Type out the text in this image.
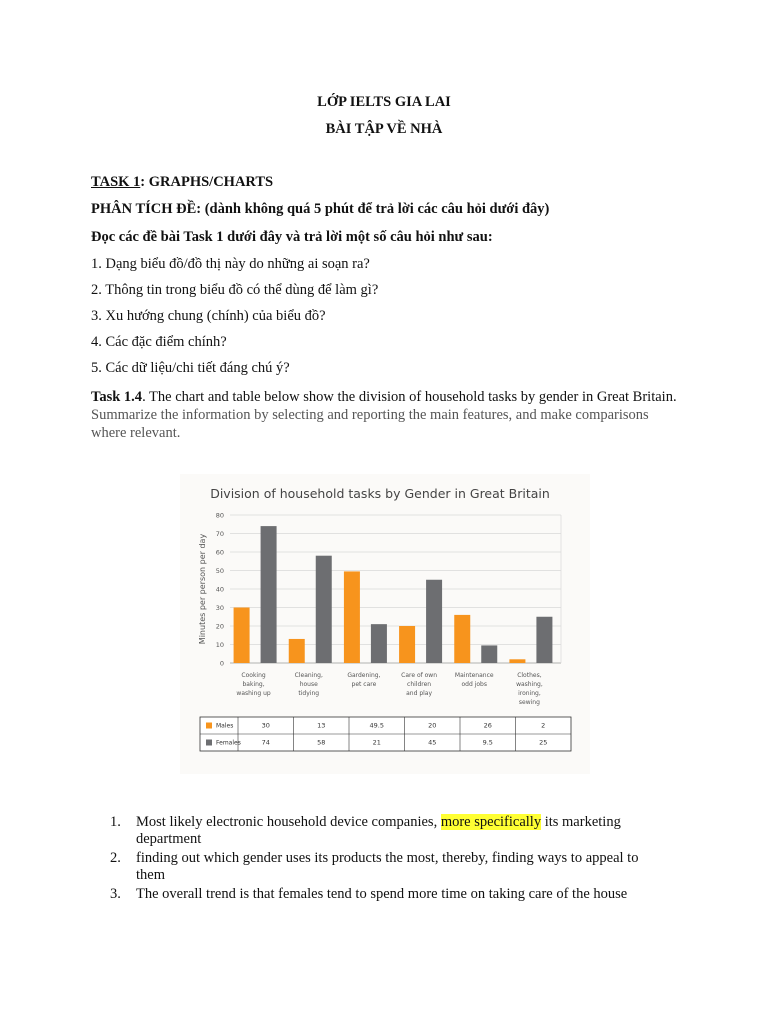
LỚP IELTS GIA LAI
BÀI TẬP VỀ NHÀ
TASK 1: GRAPHS/CHARTS
PHÂN TÍCH ĐỀ: (dành không quá 5 phút để trả lời các câu hỏi dưới đây)
Đọc các đề bài Task 1 dưới đây và trả lời một số câu hỏi như sau:
1. Dạng biểu đồ/đồ thị này do những ai soạn ra?
2. Thông tin trong biểu đồ có thể dùng để làm gì?
3. Xu hướng chung (chính) của biểu đồ?
4. Các đặc điểm chính?
5. Các dữ liệu/chi tiết đáng chú ý?
Task 1.4. The chart and table below show the division of household tasks by gender in Great Britain. Summarize the information by selecting and reporting the main features, and make comparisons where relevant.
Division of household tasks by Gender in Great Britain
0
10
20
30
40
50
60
70
80
Minutes per person per day
Cooking
baking,
washing up
Cleaning,
house
tidying
Gardening,
pet care
Care of own
children
and play
Maintenance
odd jobs
Clothes,
washing,
ironing,
sewing
Males	30	13	49.5	20	26	2
Females	74	58	21	45	9.5	25
1. Most likely electronic household device companies, more specifically its marketing department
2. finding out which gender uses its products the most, thereby, finding ways to appeal to them
3. The overall trend is that females tend to spend more time on taking care of the house
